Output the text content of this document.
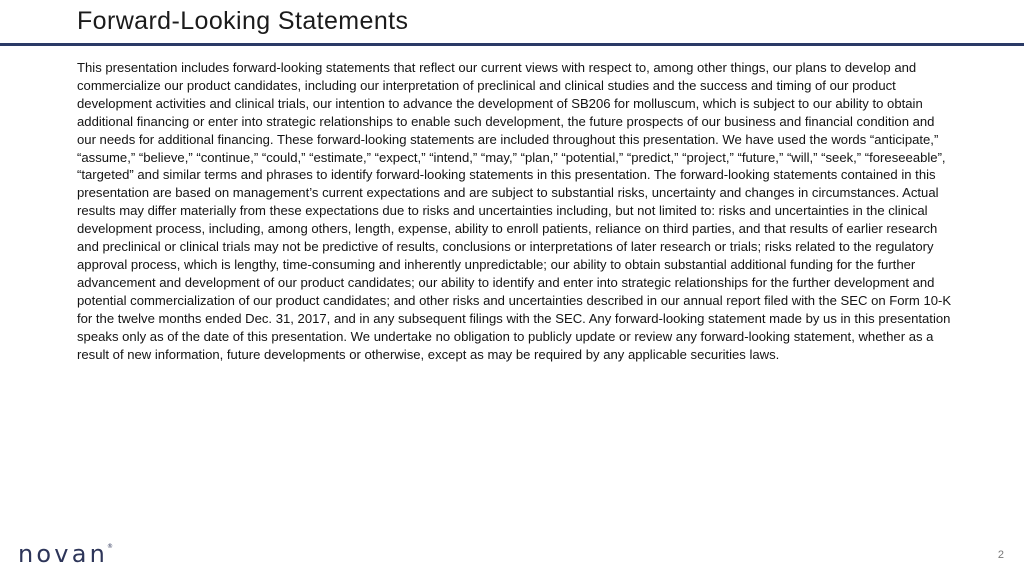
Forward-Looking Statements

This presentation includes forward-looking statements that reflect our current views with respect to, among other things, our plans to develop and commercialize our product candidates, including our interpretation of preclinical and clinical studies and the success and timing of our product development activities and clinical trials, our intention to advance the development of SB206 for molluscum, which is subject to our ability to obtain additional financing or enter into strategic relationships to enable such development, the future prospects of our business and financial condition and our needs for additional financing. These forward-looking statements are included throughout this presentation. We have used the words “anticipate,” “assume,” “believe,” “continue,” “could,” “estimate,” “expect,” “intend,” “may,” “plan,” “potential,” “predict,” “project,” “future,” “will,” “seek,” “foreseeable”, “targeted” and similar terms and phrases to identify forward-looking statements in this presentation. The forward-looking statements contained in this presentation are based on management’s current expectations and are subject to substantial risks, uncertainty and changes in circumstances. Actual results may differ materially from these expectations due to risks and uncertainties including, but not limited to: risks and uncertainties in the clinical development process, including, among others, length, expense, ability to enroll patients, reliance on third parties, and that results of earlier research and preclinical or clinical trials may not be predictive of results, conclusions or interpretations of later research or trials; risks related to the regulatory approval process, which is lengthy, time-consuming and inherently unpredictable; our ability to obtain substantial additional funding for the further advancement and development of our product candidates; our ability to identify and enter into strategic relationships for the further development and potential commercialization of our product candidates; and other risks and uncertainties described in our annual report filed with the SEC on Form 10-K for the twelve months ended Dec. 31, 2017, and in any subsequent filings with the SEC. Any forward-looking statement made by us in this presentation speaks only as of the date of this presentation. We undertake no obligation to publicly update or review any forward-looking statement, whether as a result of new information, future developments or otherwise, except as may be required by any applicable securities laws.

novan ®
2
